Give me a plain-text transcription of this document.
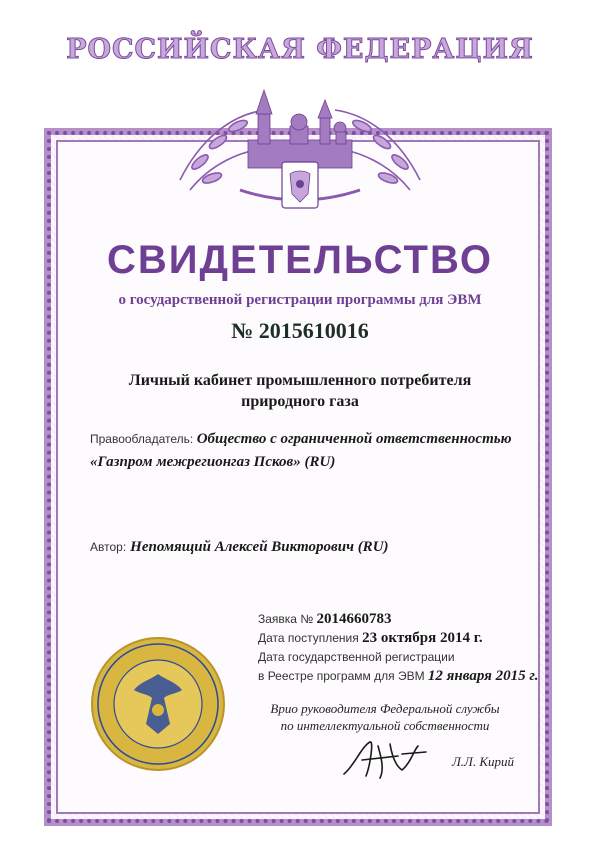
РОССИЙСКАЯ ФЕДЕРАЦИЯ
СВИДЕТЕЛЬСТВО
о государственной регистрации программы для ЭВМ
№ 2015610016
Личный кабинет промышленного потребителя
природного газа
Правообладатель: Общество с ограниченной ответственностью
«Газпром межрегионгаз Псков» (RU)
Автор: Непомящий Алексей Викторович (RU)
Заявка № 2014660783
Дата поступления 23 октября 2014 г.
Дата государственной регистрации
в Реестре программ для ЭВМ 12 января 2015 г.
Врио руководителя Федеральной службы
по интеллектуальной собственности
Л.Л. Кирий
